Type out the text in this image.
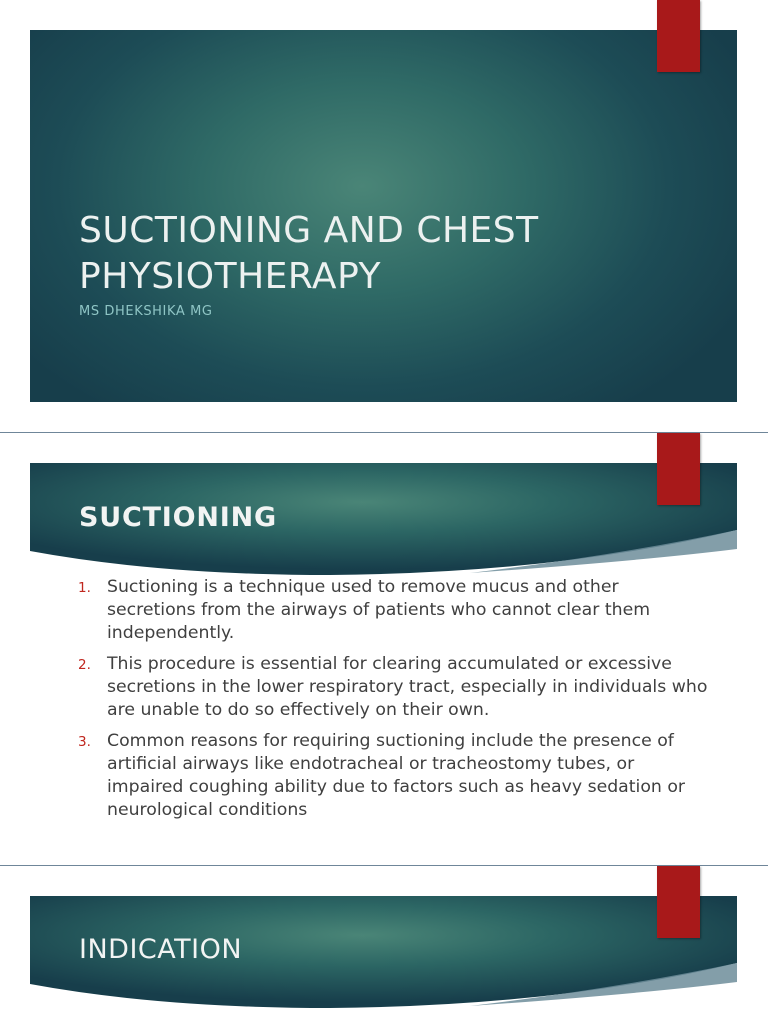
SUCTIONING AND CHEST PHYSIOTHERAPY
MS DHEKSHIKA MG
SUCTIONING
1. Suctioning is a technique used to remove mucus and other secretions from the airways of patients who cannot clear them independently.
2. This procedure is essential for clearing accumulated or excessive secretions in the lower respiratory tract, especially in individuals who are unable to do so effectively on their own.
3. Common reasons for requiring suctioning include the presence of artificial airways like endotracheal or tracheostomy tubes, or impaired coughing ability due to factors such as heavy sedation or neurological conditions
INDICATION
